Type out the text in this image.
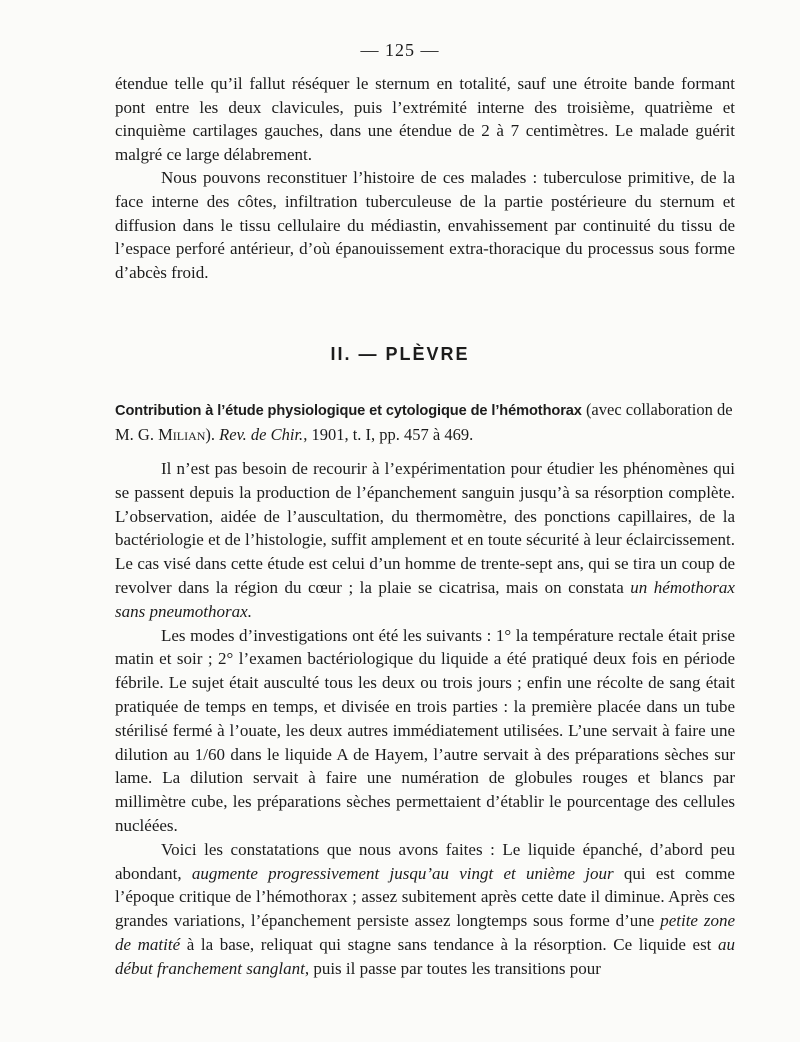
— 125 —

étendue telle qu’il fallut réséquer le sternum en totalité, sauf une étroite bande formant pont entre les deux clavicules, puis l’extrémité interne des troisième, quatrième et cinquième cartilages gauches, dans une étendue de 2 à 7 centimètres. Le malade guérit malgré ce large délabrement.

Nous pouvons reconstituer l’histoire de ces malades : tuberculose primitive, de la face interne des côtes, infiltration tuberculeuse de la partie postérieure du sternum et diffusion dans le tissu cellulaire du médiastin, envahissement par continuité du tissu de l’espace perforé antérieur, d’où épanouissement extra-thoracique du processus sous forme d’abcès froid.

II. — PLÈVRE
Contribution à l’étude physiologique et cytologique de l’hémothorax (avec collaboration de M. G. Milian). Rev. de Chir., 1901, t. I, pp. 457 à 469.

Il n’est pas besoin de recourir à l’expérimentation pour étudier les phénomènes qui se passent depuis la production de l’épanchement sanguin jusqu’à sa résorption complète. L’observation, aidée de l’auscultation, du thermomètre, des ponctions capillaires, de la bactériologie et de l’histologie, suffit amplement et en toute sécurité à leur éclaircissement. Le cas visé dans cette étude est celui d’un homme de trente-sept ans, qui se tira un coup de revolver dans la région du cœur ; la plaie se cicatrisa, mais on constata un hémothorax sans pneumothorax.

Les modes d’investigations ont été les suivants : 1° la température rectale était prise matin et soir ; 2° l’examen bactériologique du liquide a été pratiqué deux fois en période fébrile. Le sujet était ausculté tous les deux ou trois jours ; enfin une récolte de sang était pratiquée de temps en temps, et divisée en trois parties : la première placée dans un tube stérilisé fermé à l’ouate, les deux autres immédiatement utilisées. L’une servait à faire une dilution au 1/60 dans le liquide A de Hayem, l’autre servait à des préparations sèches sur lame. La dilution servait à faire une numération de globules rouges et blancs par millimètre cube, les préparations sèches permettaient d’établir le pourcentage des cellules nucléées.

Voici les constatations que nous avons faites : Le liquide épanché, d’abord peu abondant, augmente progressivement jusqu’au vingt et unième jour qui est comme l’époque critique de l’hémothorax ; assez subitement après cette date il diminue. Après ces grandes variations, l’épanchement persiste assez longtemps sous forme d’une petite zone de matité à la base, reliquat qui stagne sans tendance à la résorption. Ce liquide est au début franchement sanglant, puis il passe par toutes les transitions pour
